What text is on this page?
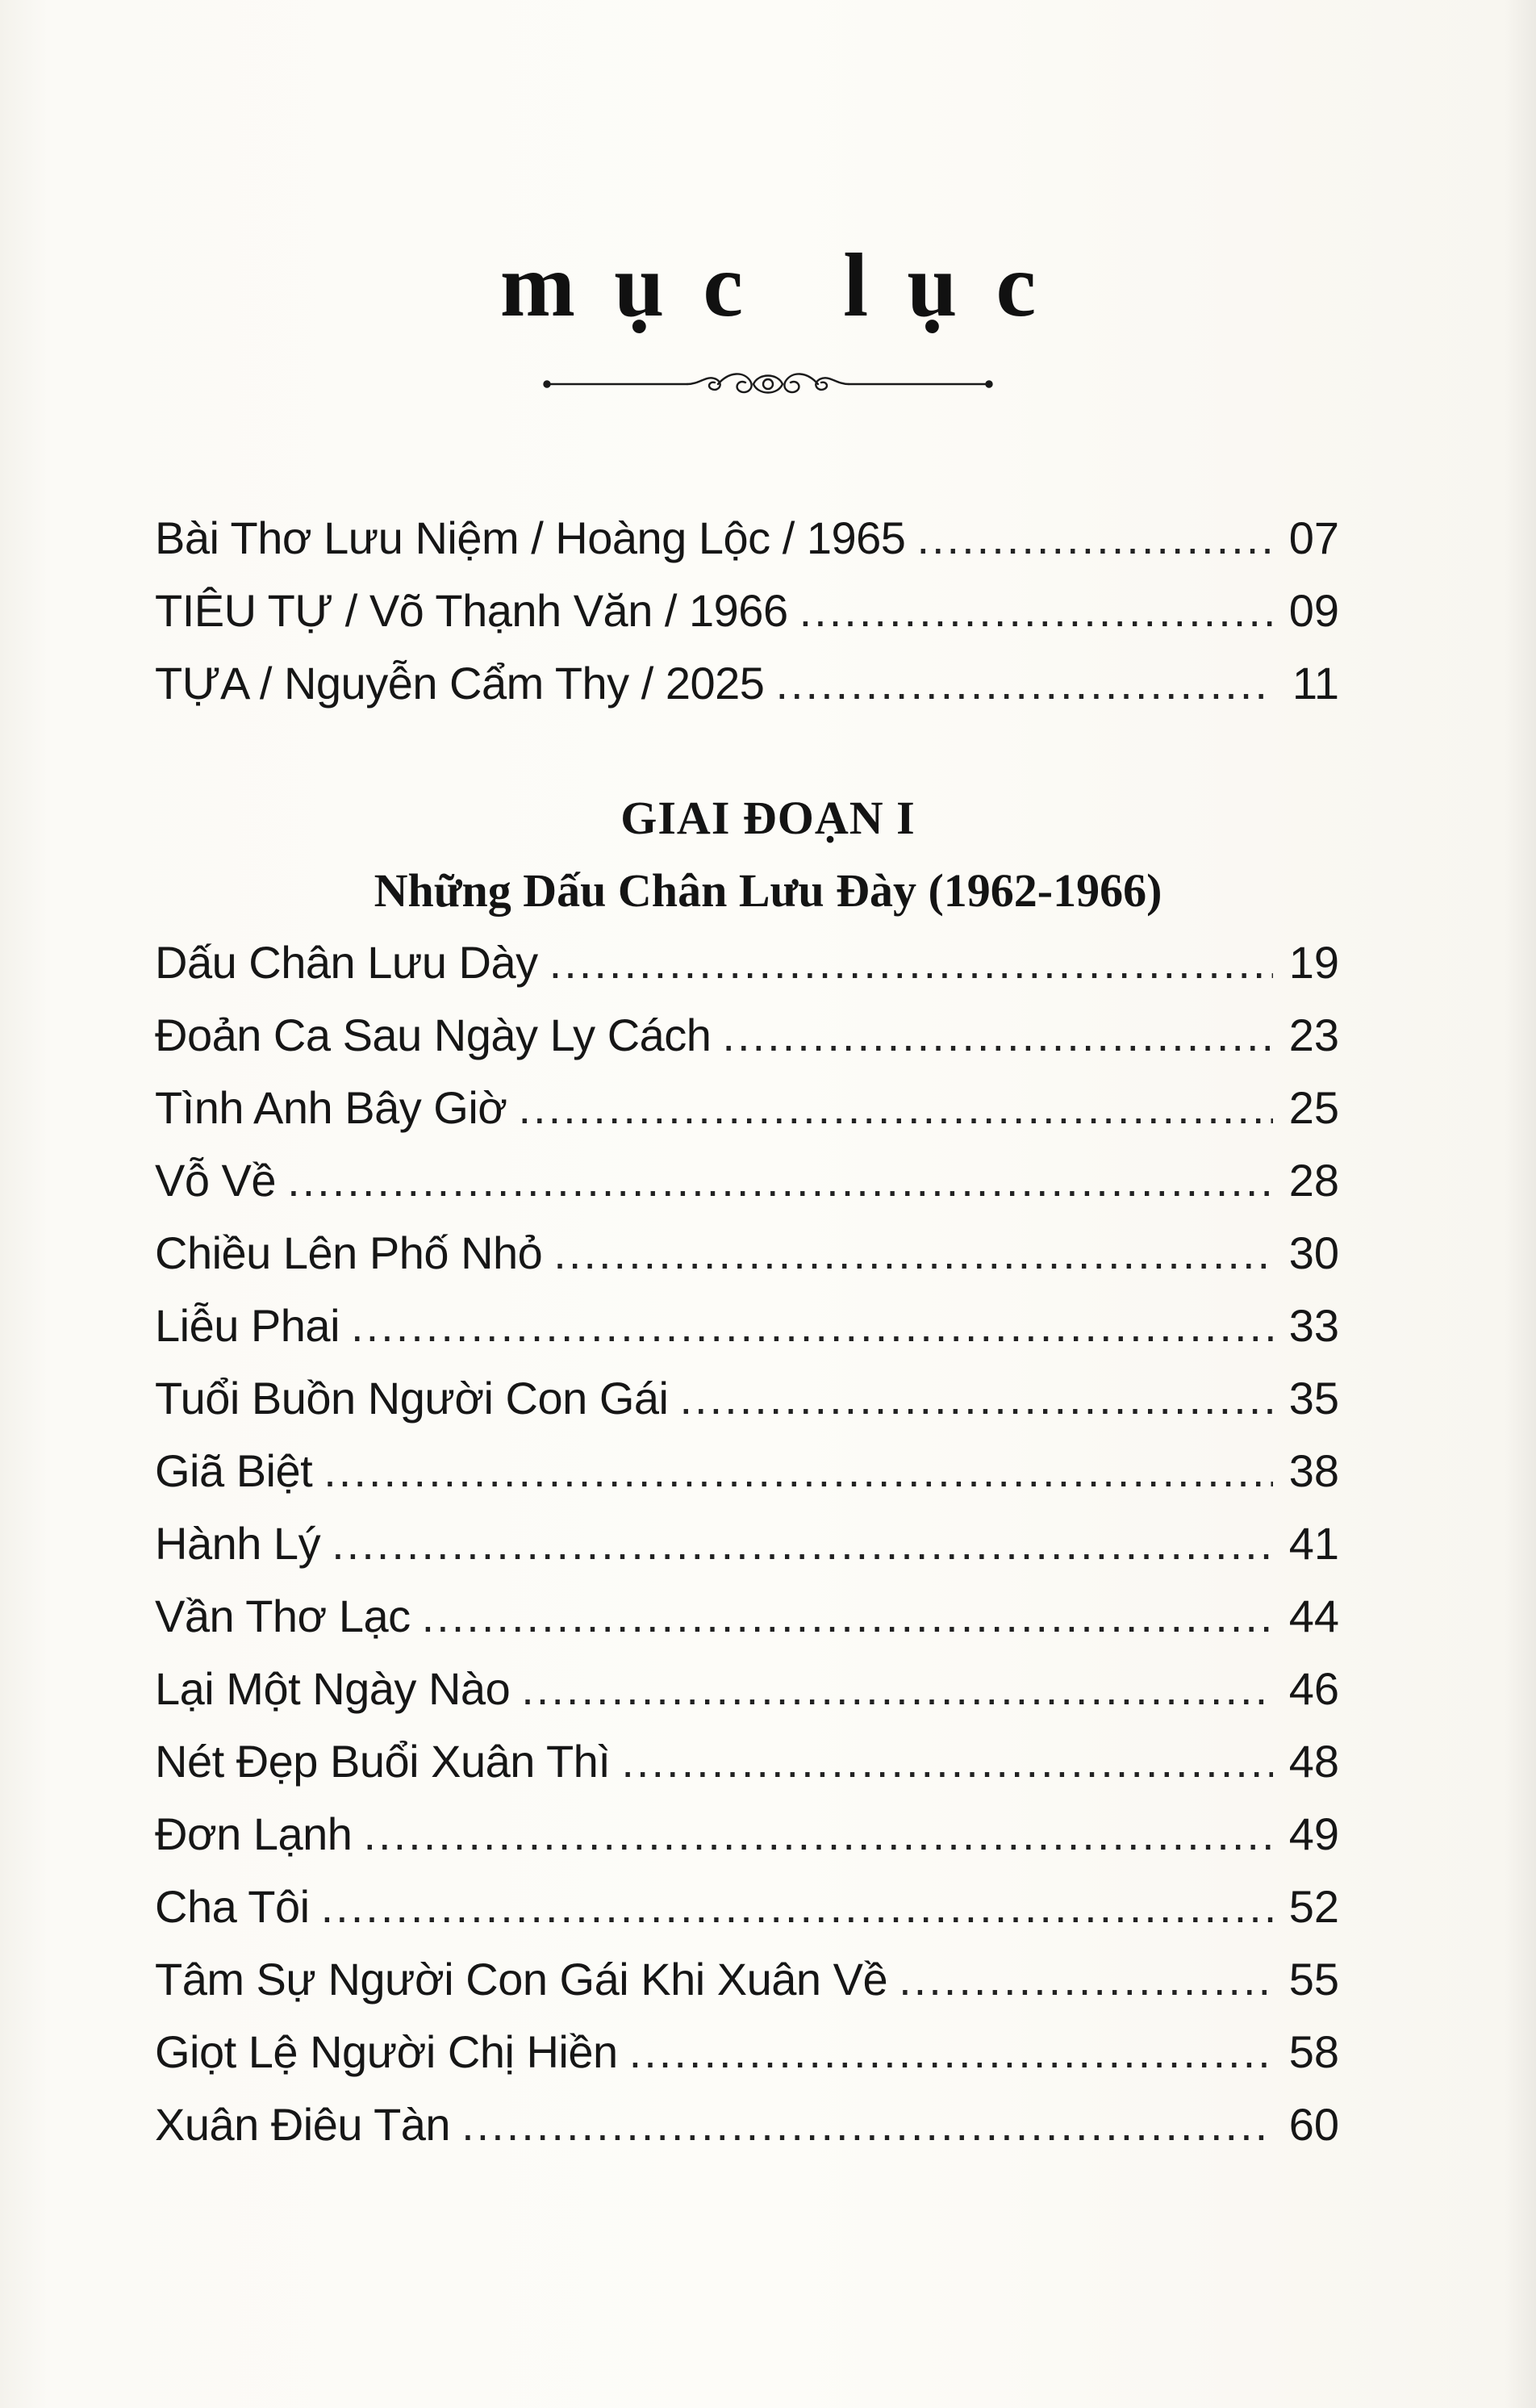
mục lục
Bài Thơ Lưu Niệm / Hoàng Lộc / 1965 .....	07
TIÊU TỰ / Võ Thạnh Văn / 1966 .....	09
TỰA / Nguyễn Cẩm Thy / 2025 .....	11
GIAI ĐOẠN I
Những Dấu Chân Lưu Đày (1962-1966)
Dấu Chân Lưu Dày .....	19
Đoản Ca Sau Ngày Ly Cách .....	23
Tình Anh Bây Giờ .....	25
Vỗ Về .....	28
Chiều Lên Phố Nhỏ .....	30
Liễu Phai .....	33
Tuổi Buồn Người Con Gái .....	35
Giã Biệt .....	38
Hành Lý .....	41
Vần Thơ Lạc .....	44
Lại Một Ngày Nào .....	46
Nét Đẹp Buổi Xuân Thì .....	48
Đơn Lạnh .....	49
Cha Tôi .....	52
Tâm Sự Người Con Gái Khi Xuân Về .....	55
Giọt Lệ Người Chị Hiền .....	58
Xuân Điêu Tàn .....	60
